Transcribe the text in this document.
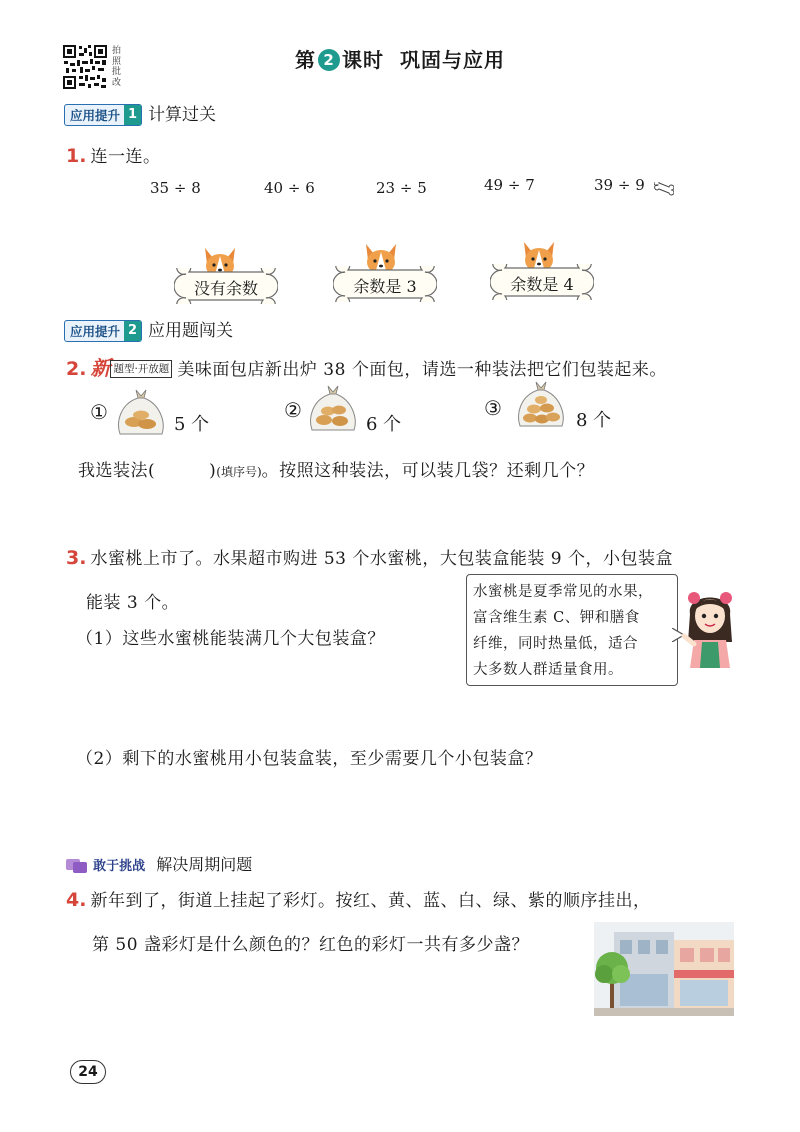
拍照批改
第 2 课时  巩固与应用
应用提升 1 计算过关
1. 连一连。
35 ÷ 8	40 ÷ 6	23 ÷ 5	49 ÷ 7	39 ÷ 9
没有余数	余数是 3	余数是 4
应用提升 2 应用题闯关
2. 新 题型·开放题 美味面包店新出炉 38 个面包，请选一种装法把它们包装起来。
①
5 个
②
6 个
③
8 个
我选装法(	)(填序号)。按照这种装法，可以装几袋？还剩几个？
3. 水蜜桃上市了。水果超市购进 53 个水蜜桃，大包装盒能装 9 个，小包装盒
能装 3 个。
（1）这些水蜜桃能装满几个大包装盒？
水蜜桃是夏季常见的水果，
富含维生素 C、钾和膳食
纤维，同时热量低，适合
大多数人群适量食用。
（2）剩下的水蜜桃用小包装盒装，至少需要几个小包装盒？
敢于挑战 解决周期问题
4. 新年到了，街道上挂起了彩灯。按红、黄、蓝、白、绿、紫的顺序挂出，
第 50 盏彩灯是什么颜色的？红色的彩灯一共有多少盏？
24
